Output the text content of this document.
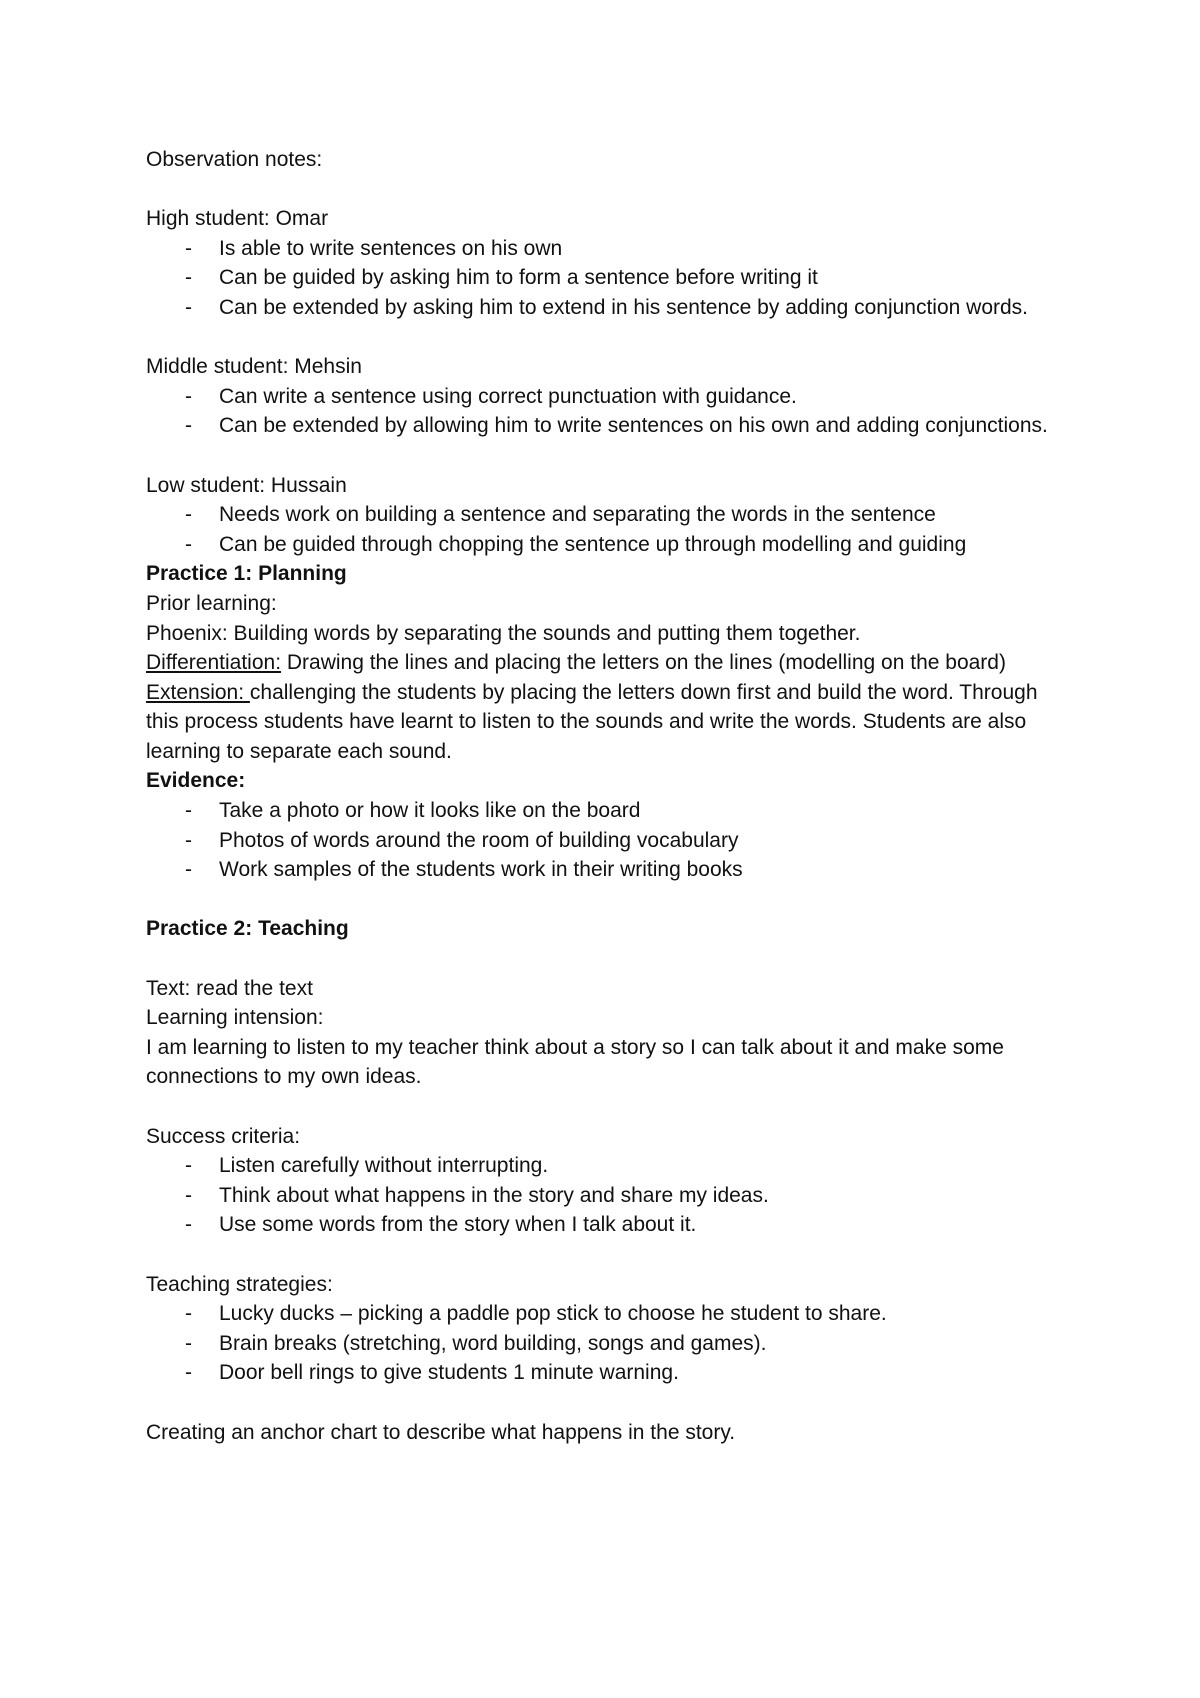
Observation notes:

High student: Omar

- Is able to write sentences on his own
- Can be guided by asking him to form a sentence before writing it
- Can be extended by asking him to extend in his sentence by adding conjunction words.

Middle student: Mehsin

- Can write a sentence using correct punctuation with guidance.
- Can be extended by allowing him to write sentences on his own and adding conjunctions.

Low student: Hussain

- Needs work on building a sentence and separating the words in the sentence
- Can be guided through chopping the sentence up through modelling and guiding

Practice 1: Planning

Prior learning:

Phoenix: Building words by separating the sounds and putting them together.

Differentiation: Drawing the lines and placing the letters on the lines (modelling on the board)

Extension: challenging the students by placing the letters down first and build the word. Through this process students have learnt to listen to the sounds and write the words. Students are also learning to separate each sound.

Evidence:

- Take a photo or how it looks like on the board
- Photos of words around the room of building vocabulary
- Work samples of the students work in their writing books

Practice 2: Teaching

Text: read the text

Learning intension:

I am learning to listen to my teacher think about a story so I can talk about it and make some connections to my own ideas.

Success criteria:

- Listen carefully without interrupting.
- Think about what happens in the story and share my ideas.
- Use some words from the story when I talk about it.

Teaching strategies:

- Lucky ducks – picking a paddle pop stick to choose he student to share.
- Brain breaks (stretching, word building, songs and games).
- Door bell rings to give students 1 minute warning.

Creating an anchor chart to describe what happens in the story.
